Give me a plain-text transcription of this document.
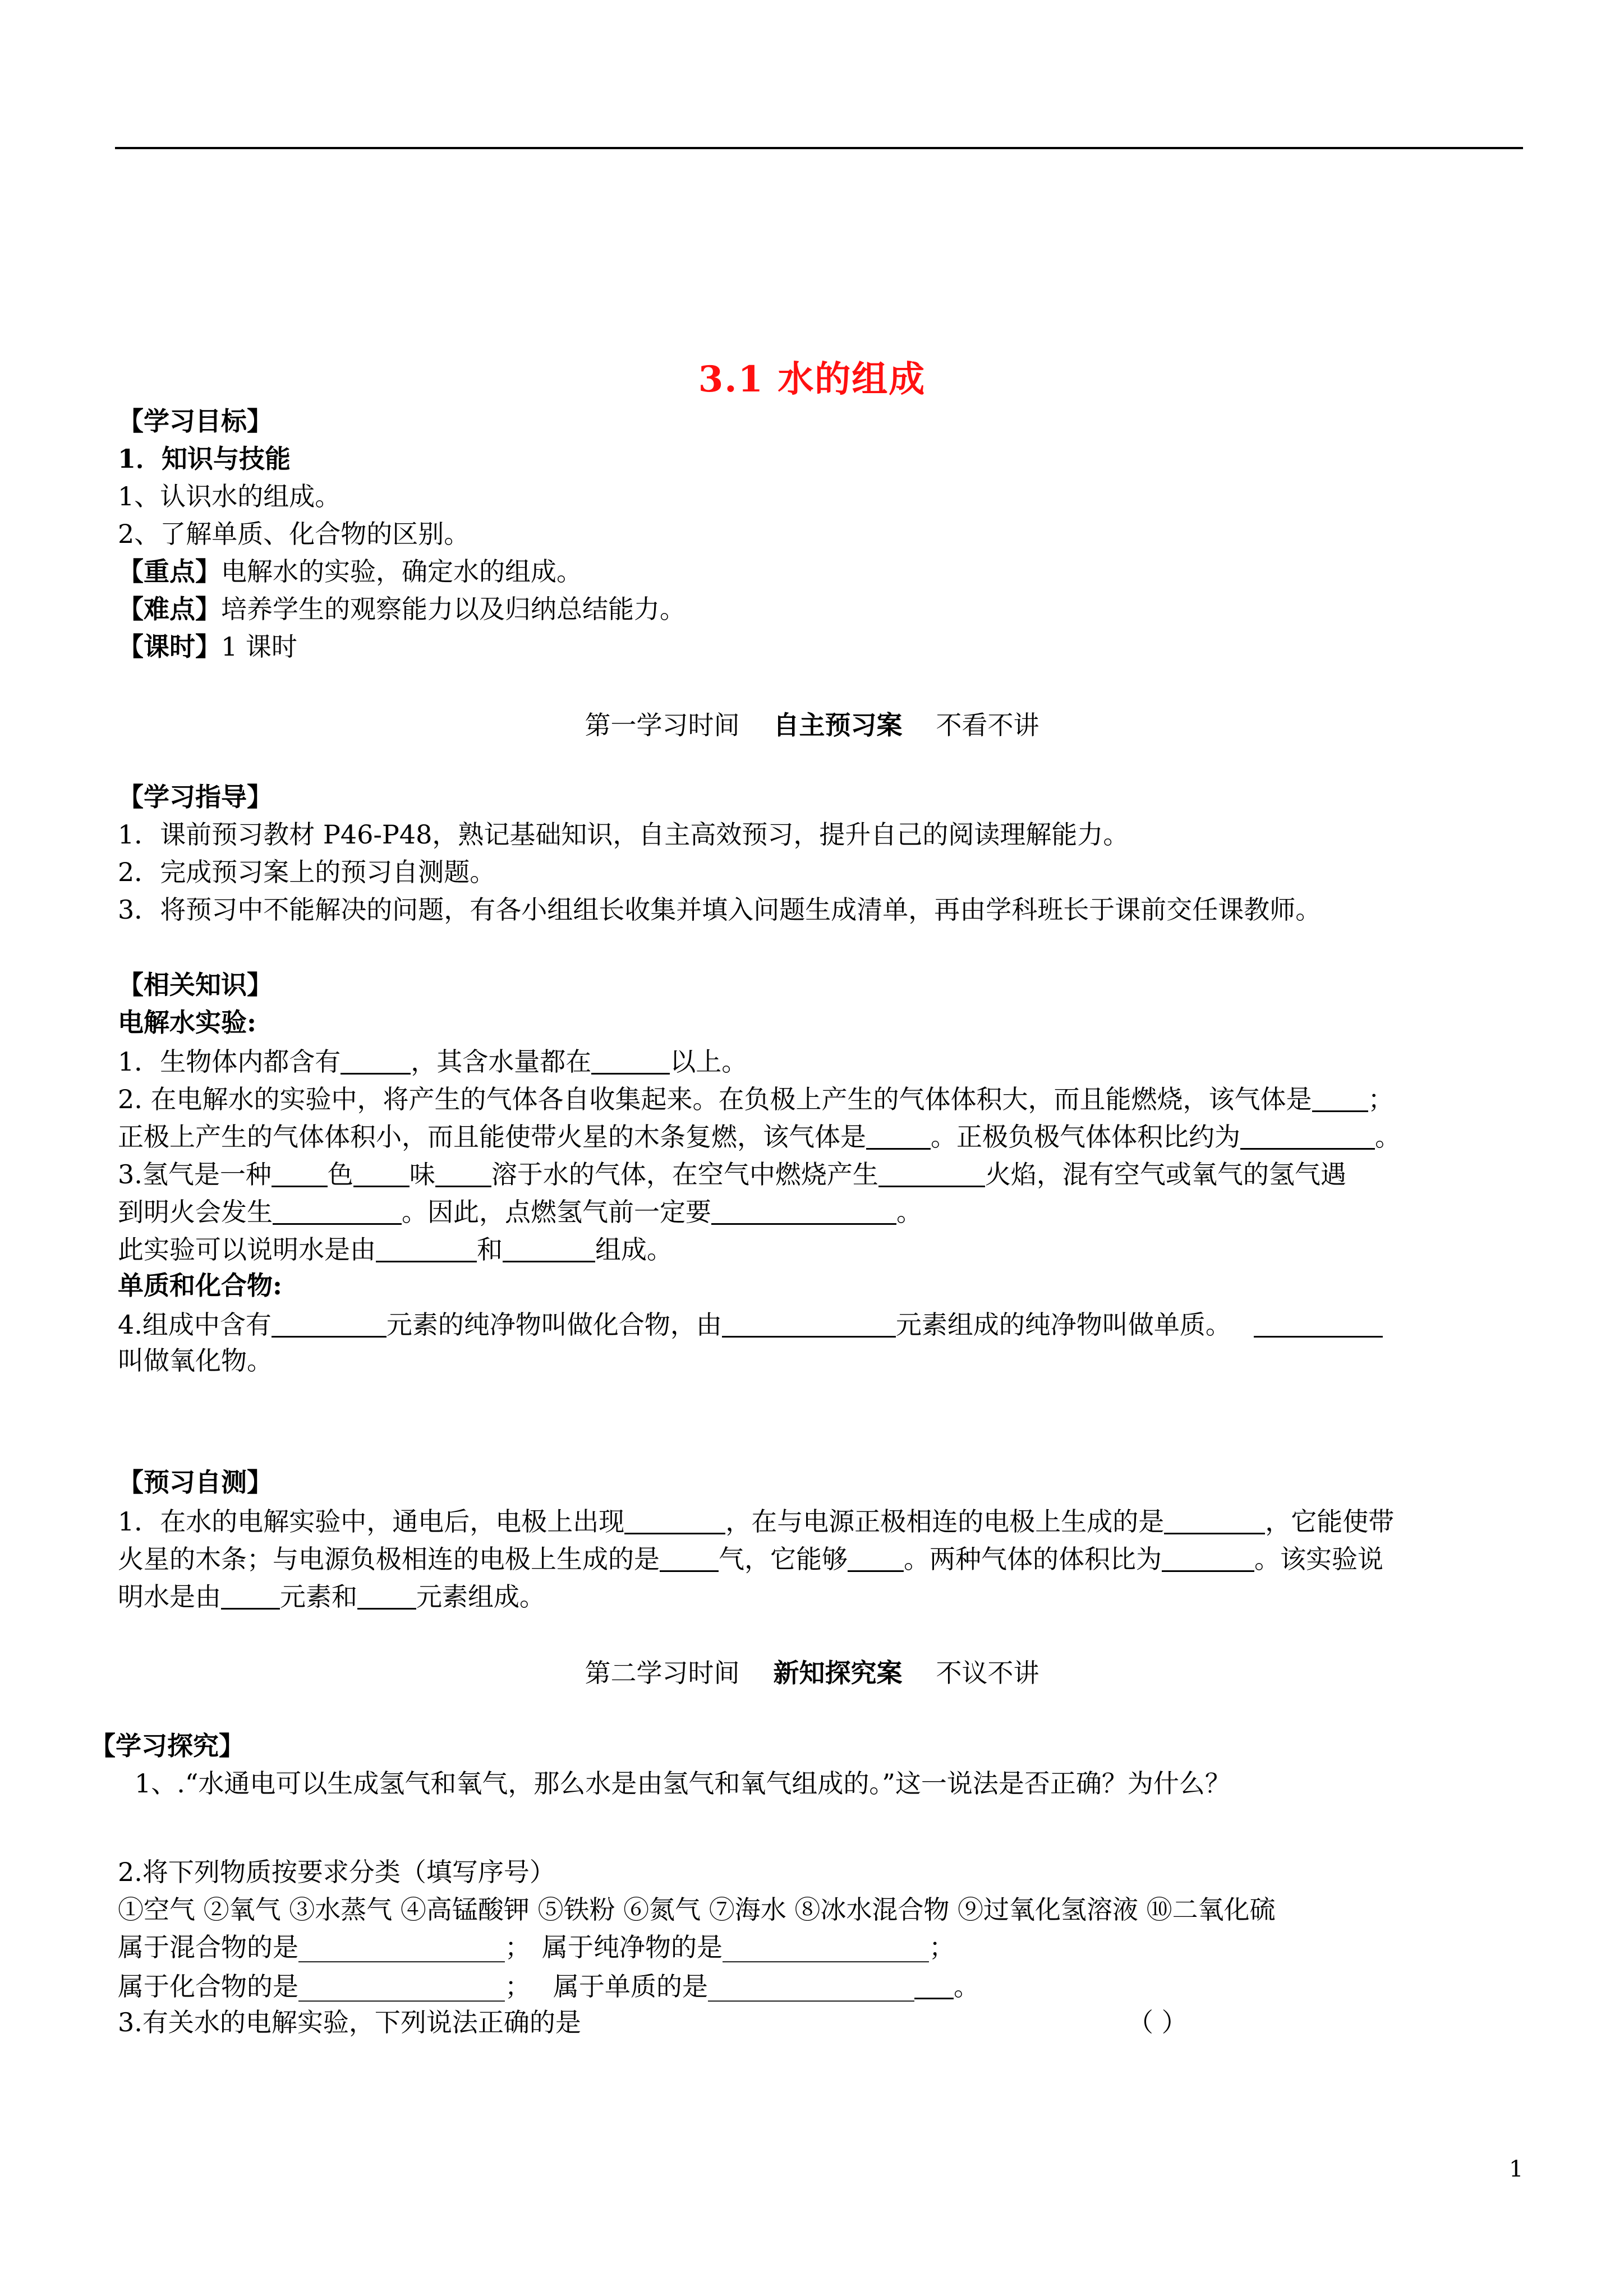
3.1 水的组成
【学习目标】
1．知识与技能
1、认识水的组成。
2、了解单质、化合物的区别。
【重点】电解水的实验，确定水的组成。
【难点】培养学生的观察能力以及归纳总结能力。
【课时】1 课时
第一学习时间 自主预习案 不看不讲
【学习指导】
1．课前预习教材 P46-P48，熟记基础知识，自主高效预习，提升自己的阅读理解能力。
2．完成预习案上的预习自测题。
3．将预习中不能解决的问题，有各小组组长收集并填入问题生成清单，再由学科班长于课前交任课教师。
【相关知识】
电解水实验:
1．生物体内都含有	，其含水量都在	以上。
2. 在电解水的实验中，将产生的气体各自收集起来。在负极上产生的气体体积大，而且能燃烧，该气体是 ；
正极上产生的气体体积小，而且能使带火星的木条复燃，该气体是	。正极负极气体体积比约为	。
3.氢气是一种 色 味 溶于水的气体，在空气中燃烧产生	火焰，混有空气或氧气的氢气遇
到明火会发生	。因此，点燃氢气前一定要	。
此实验可以说明水是由	和	组成。
单质和化合物:
4.组成中含有	元素的纯净物叫做化合物，由	元素组成的纯净物叫做单质。
叫做氧化物。
【预习自测】
1．在水的电解实验中，通电后，电极上出现	，在与电源正极相连的电极上生成的是	，它能使带
火星的木条；与电源负极相连的电极上生成的是 气，它能够 。两种气体的体积比为	。该实验说
明水是由 元素和 元素组成。
第二学习时间 新知探究案 不议不讲
【学习探究】
1、.“水通电可以生成氢气和氧气，那么水是由氢气和氧气组成的。”这一说法是否正确？为什么？
2.将下列物质按要求分类（填写序号）
①空气 ②氧气 ③水蒸气 ④高锰酸钾 ⑤铁粉 ⑥氮气 ⑦海水 ⑧冰水混合物 ⑨过氧化氢溶液 ⑩二氧化硫
属于混合物的是________________； 属于纯净物的是________________；
属于化合物的是________________； 属于单质的是________________ 。
3.有关水的电解实验，下列说法正确的是	（ ）
1
